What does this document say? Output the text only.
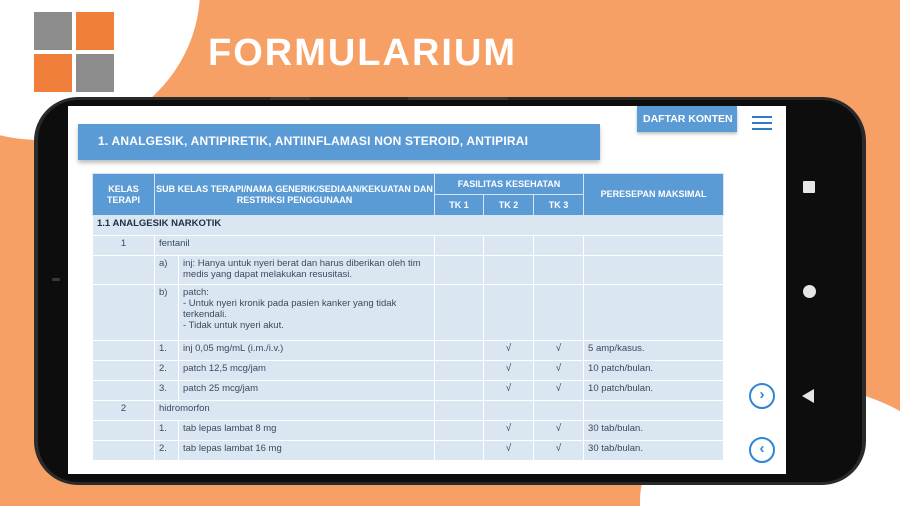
FORMULARIUM
1. ANALGESIK, ANTIPIRETIK, ANTIINFLAMASI NON STEROID, ANTIPIRAI
DAFTAR KONTEN
KELAS TERAPI	SUB KELAS TERAPI/NAMA GENERIK/SEDIAAN/KEKUATAN DAN RESTRIKSI PENGGUNAAN		FASILITAS KESEHATAN			PERESEPAN MAKSIMAL
			TK 1	TK 2	TK 3	
1.1 ANALGESIK NARKOTIK						
1	fentanil					
	a)	inj: Hanya untuk nyeri berat dan harus diberikan oleh tim medis yang dapat melakukan resusitasi.				
	b)	patch:
- Untuk nyeri kronik pada pasien kanker yang tidak terkendali.
- Tidak untuk nyeri akut.				

	1.	inj 0,05 mg/mL (i.m./i.v.)		√	√	5 amp/kasus.
	2.	patch 12,5 mcg/jam		√	√	10 patch/bulan.
	3.	patch 25 mcg/jam		√	√	10 patch/bulan.
2	hidromorfon					
	1.	tab lepas lambat 8 mg		√	√	30 tab/bulan.
	2.	tab lepas lambat 16 mg		√	√	30 tab/bulan.
›
‹
